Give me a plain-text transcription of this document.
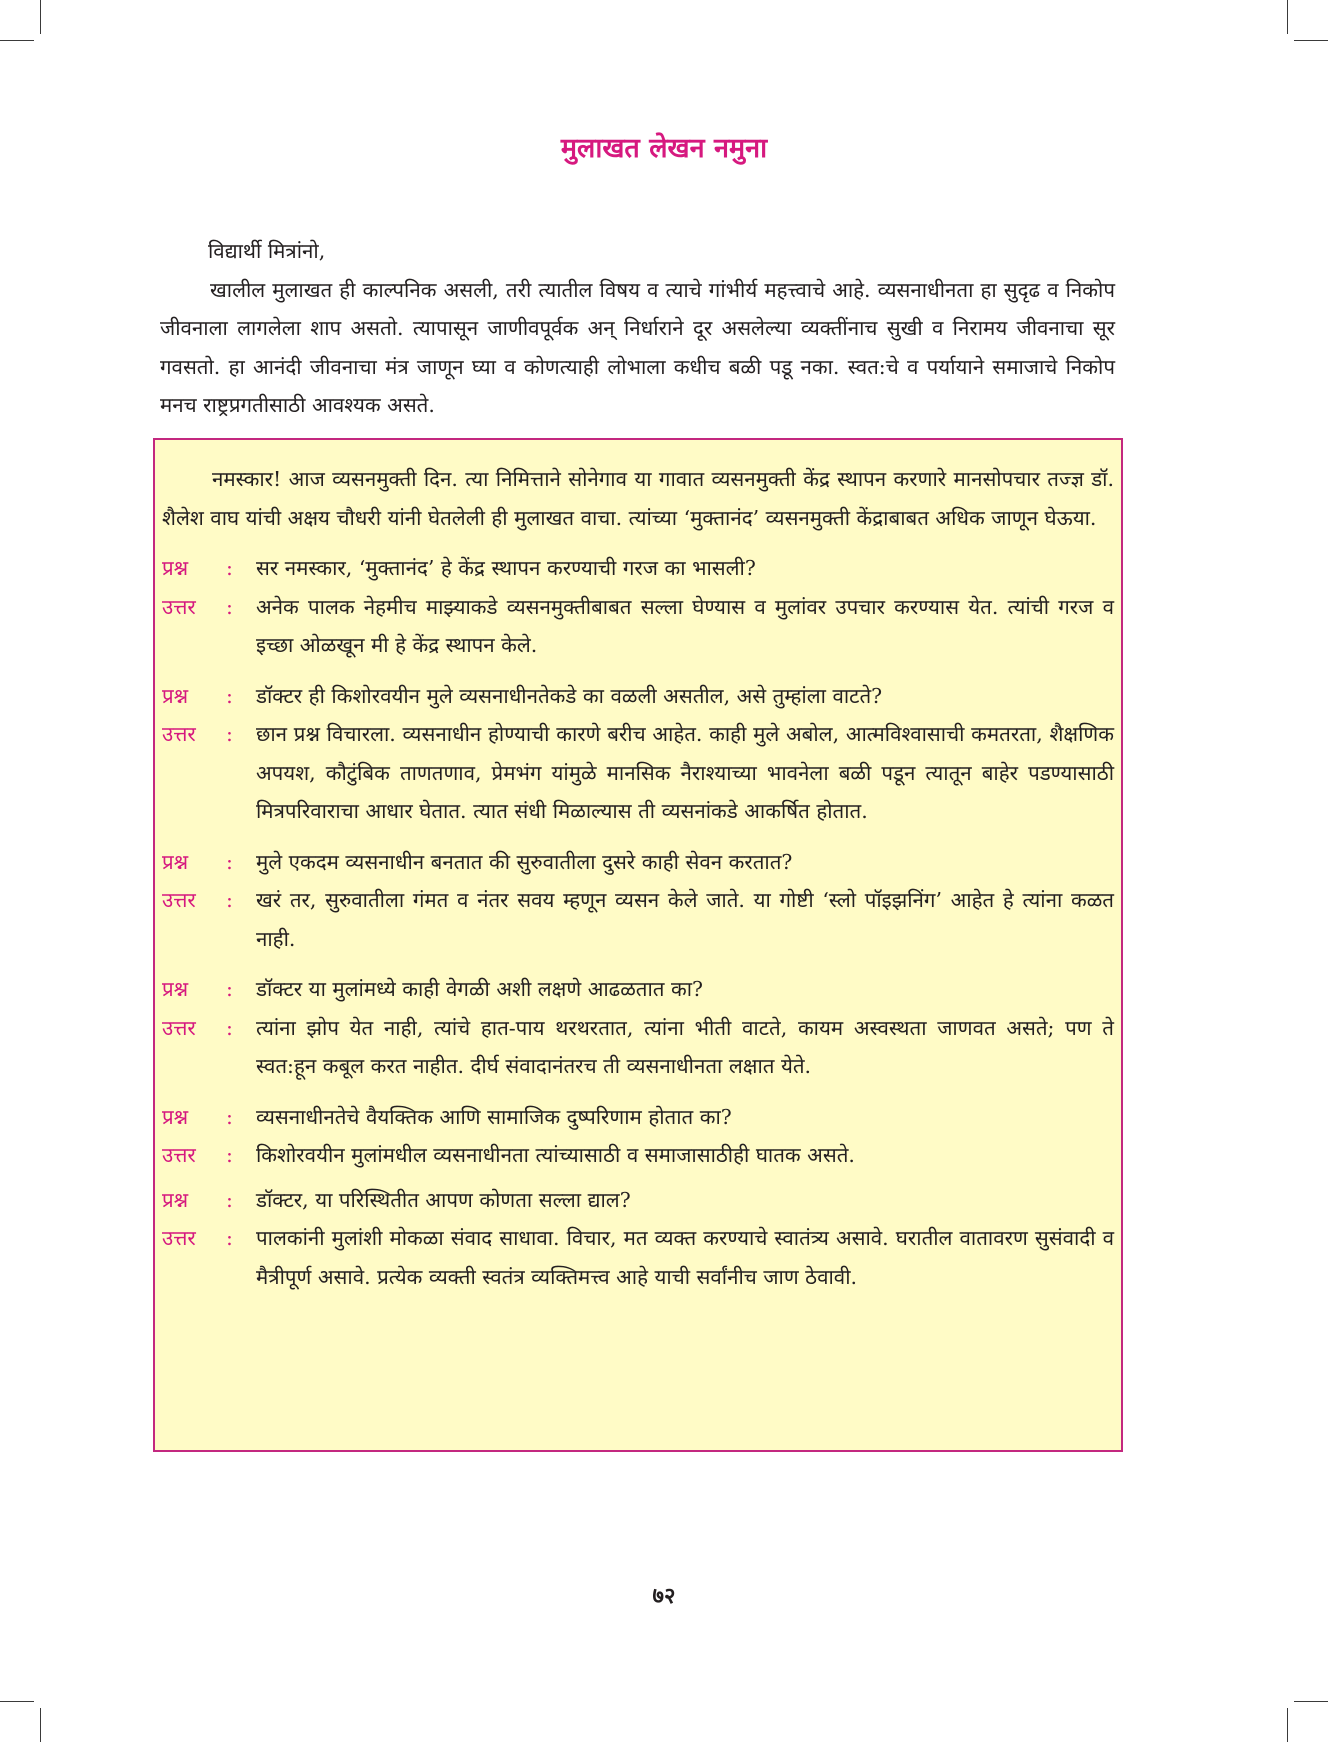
मुलाखत लेखन नमुना
विद्यार्थी मित्रांनो,
खालील मुलाखत ही काल्पनिक असली, तरी त्यातील विषय व त्याचे गांभीर्य महत्त्वाचे आहे. व्यसनाधीनता हा सुदृढ व निकोप जीवनाला लागलेला शाप असतो. त्यापासून जाणीवपूर्वक अन् निर्धाराने दूर असलेल्या व्यक्तींनाच सुखी व निरामय जीवनाचा सूर गवसतो. हा आनंदी जीवनाचा मंत्र जाणून घ्या व कोणत्याही लोभाला कधीच बळी पडू नका. स्वत:चे व पर्यायाने समाजाचे निकोप मनच राष्ट्रप्रगतीसाठी आवश्यक असते.

नमस्कार! आज व्यसनमुक्ती दिन. त्या निमित्ताने सोनेगाव या गावात व्यसनमुक्ती केंद्र स्थापन करणारे मानसोपचार तज्ज्ञ डॉ. शैलेश वाघ यांची अक्षय चौधरी यांनी घेतलेली ही मुलाखत वाचा. त्यांच्या ‘मुक्तानंद’ व्यसनमुक्ती केंद्राबाबत अधिक जाणून घेऊया.

प्रश्न	:	सर नमस्कार, ‘मुक्तानंद’ हे केंद्र स्थापन करण्याची गरज का भासली?
उत्तर	:	अनेक पालक नेहमीच माझ्याकडे व्यसनमुक्तीबाबत सल्ला घेण्यास व मुलांवर उपचार करण्यास येत. त्यांची गरज व इच्छा ओळखून मी हे केंद्र स्थापन केले.
प्रश्न	:	डॉक्टर ही किशोरवयीन मुले व्यसनाधीनतेकडे का वळली असतील, असे तुम्हांला वाटते?
उत्तर	:	छान प्रश्न विचारला. व्यसनाधीन होण्याची कारणे बरीच आहेत. काही मुले अबोल, आत्मविश्वासाची कमतरता, शैक्षणिक अपयश, कौटुंबिक ताणतणाव, प्रेमभंग यांमुळे मानसिक नैराश्याच्या भावनेला बळी पडून त्यातून बाहेर पडण्यासाठी मित्रपरिवाराचा आधार घेतात. त्यात संधी मिळाल्यास ती व्यसनांकडे आकर्षित होतात.
प्रश्न	:	मुले एकदम व्यसनाधीन बनतात की सुरुवातीला दुसरे काही सेवन करतात?
उत्तर	:	खरं तर, सुरुवातीला गंमत व नंतर सवय म्हणून व्यसन केले जाते. या गोष्टी ‘स्लो पॉइझनिंग’ आहेत हे त्यांना कळत नाही.
प्रश्न	:	डॉक्टर या मुलांमध्ये काही वेगळी अशी लक्षणे आढळतात का?
उत्तर	:	त्यांना झोप येत नाही, त्यांचे हात-पाय थरथरतात, त्यांना भीती वाटते, कायम अस्वस्थता जाणवत असते; पण ते स्वत:हून कबूल करत नाहीत. दीर्घ संवादानंतरच ती व्यसनाधीनता लक्षात येते.
प्रश्न	:	व्यसनाधीनतेचे वैयक्तिक आणि सामाजिक दुष्परिणाम होतात का?
उत्तर	:	किशोरवयीन मुलांमधील व्यसनाधीनता त्यांच्यासाठी व समाजासाठीही घातक असते.
प्रश्न	:	डॉक्टर, या परिस्थितीत आपण कोणता सल्ला द्याल?
उत्तर	:	पालकांनी मुलांशी मोकळा संवाद साधावा. विचार, मत व्यक्त करण्याचे स्वातंत्र्य असावे. घरातील वातावरण सुसंवादी व मैत्रीपूर्ण असावे. प्रत्येक व्यक्ती स्वतंत्र व्यक्तिमत्त्व आहे याची सर्वांनीच जाण ठेवावी.
७२
